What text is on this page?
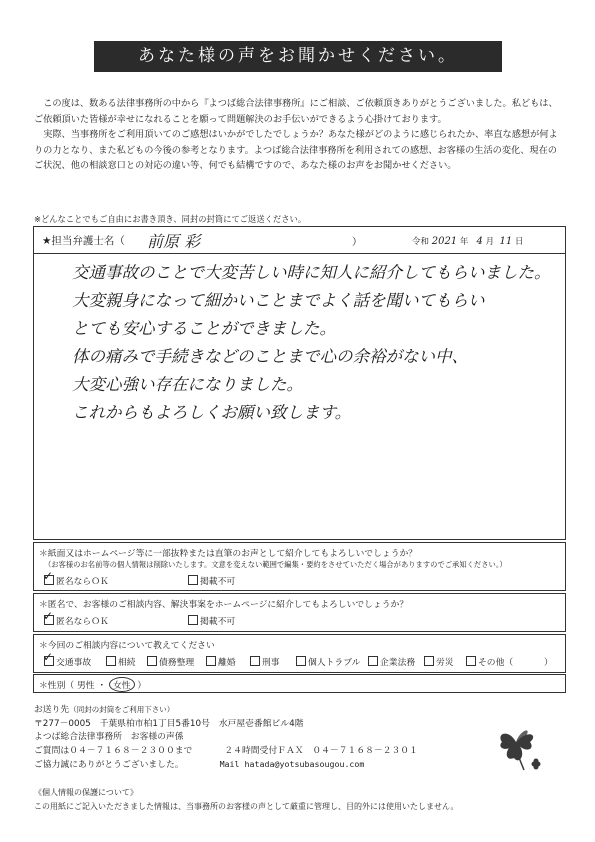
あなた様の声をお聞かせください。

この度は、数ある法律事務所の中から『よつば総合法律事務所』にご相談、ご依頼頂きありがとうございました。私どもは、ご依頼頂いた皆様が幸せになれることを願って問題解決のお手伝いができるよう心掛けております。

実際、当事務所をご利用頂いてのご感想はいかがでしたでしょうか？あなた様がどのように感じられたか、率直な感想が何よりの力となり、また私どもの今後の参考となります。よつば総合法律事務所を利用されての感想、お客様の生活の変化、現在のご状況、他の相談窓口との対応の違い等、何でも結構ですので、あなた様のお声をお聞かせください。

※どんなことでもご自由にお書き頂き、同封の封筒にてご返送ください。
★担当弁護士名（ 前原 彩	）	令和 2021 年 4 月 11 日
交通事故のことで大変苦しい時に知人に紹介してもらいました。
大変親身になって細かいことまでよく話を聞いてもらい
とても安心することができました。
体の痛みで手続きなどのことまで心の余裕がない中、
大変心強い存在になりました。
これからもよろしくお願い致します。
＊紙面又はホームページ等に一部抜粋または直筆のお声として紹介してもよろしいでしょうか？
（お客様のお名前等の個人情報は削除いたします。文意を変えない範囲で編集・要約をさせていただく場合がありますのでご承知ください。）
✓匿名ならＯＫ	掲載不可
＊匿名で、お客様のご相談内容、解決事案をホームページに紹介してもよろしいでしょうか？
✓匿名ならＯＫ	掲載不可
＊今回のご相談内容について教えてください
✓交通事故	相続	債務整理	離婚	刑事	個人トラブル	企業法務	労災	その他（	）
＊性別（ 男性 ・ 女性 ）
お送り先（同封の封筒をご利用下さい）
〒277－0005　千葉県柏市柏1丁目5番10号　水戸屋壱番館ビル4階
よつば総合法律事務所　お客様の声係
ご質問は０４－７１６８－２３００まで	２４時間受付ＦＡＸ　０４－７１６８－２３０１
ご協力誠にありがとうございました。	Mail hatada@yotsubasougou.com
《個人情報の保護について》
この用紙にご記入いただきました情報は、当事務所のお客様の声として厳重に管理し、目的外には使用いたしません。
